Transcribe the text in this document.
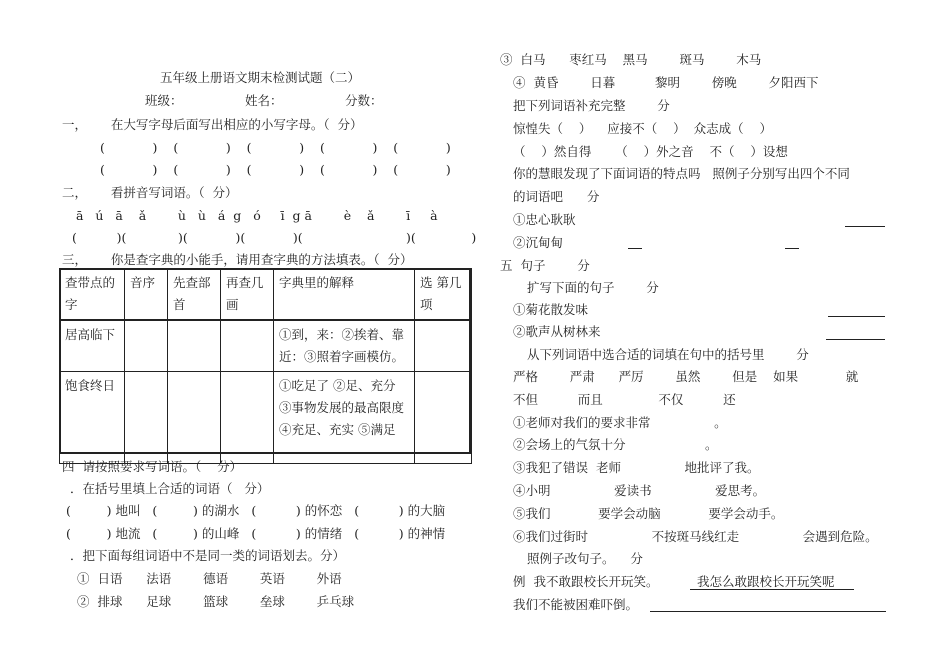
五年级上册语文期末检测试题（二）
班级：	姓名：	分数：
一，      在大写字母后面写出相应的小写字母。（  分）
(            )    (            )    (            )    (            )    (            )
(            )    (            )    (            )    (            )    (            )
二，      看拼音写词语。（  分）
ā   ú   ā    ǎ        ù   ù   á  g   ó     ī  g ā        è    ǎ        ī     à
(          )(             )(            )(            )(                          )(              )
三，      你是查字典的小能手，请用查字典的方法填表。（  分）
查带点的字	音序	先查部首	再查几画	字典里的解释	选 第几项
居高临下				①到，来：②挨着、靠近：③照着字画模仿。	
饱食终日				①吃足了 ②足、充分 ③事物发展的最高限度 ④充足、充实 ⑤满足	
四  请按照要求写词语。（    分）
．在括号里填上合适的词语（   分）
(         ) 地叫   (         ) 的湖水   (          ) 的怀恋   (          ) 的大脑
(         ) 地流   (         ) 的山峰   (          ) 的情绪   (          ) 的神情
．把下面每组词语中不是同一类的词语划去。分）
①  日语      法语        德语        英语        外语
②  排球      足球        篮球        垒球        乒乓球
③  白马      枣红马    黑马        斑马        木马
④  黄昏        日暮          黎明        傍晚        夕阳西下
把下列词语补充完整        分
惊惶失（    ）    应接不（    ）  众志成（    ）
（    ）然自得      （    ）外之音    不（    ）设想
你的慧眼发现了下面词语的特点吗   照例子分别写出四个不同
的词语吧      分
①忠心耿耿
②沉甸甸
五  句子        分
扩写下面的句子        分
①菊花散发味
②歌声从树林来
从下列词语中选合适的词填在句中的括号里        分
严格        严肃      严厉        虽然        但是    如果            就
不但          而且              不仅          还
①老师对我们的要求非常                。
②会场上的气氛十分                    。
③我犯了错误  老师                地批评了我。
④小明                爱读书                爱思考。
⑤我们            要学会动脑            要学会动手。
⑥我们过街时                不按斑马线红走                会遇到危险。
照例子改句子。    分
例  我不敢跟校长开玩笑。	我怎么敢跟校长开玩笑呢
我们不能被困难吓倒。
